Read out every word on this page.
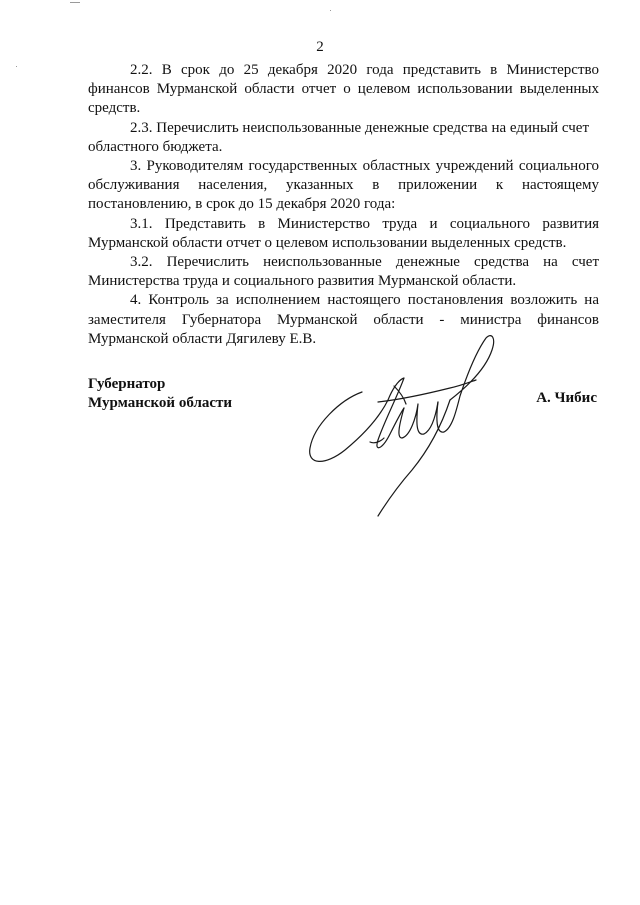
2

2.2. В срок до 25 декабря 2020 года представить в Министерство финансов Мурманской области отчет о целевом использовании выделенных средств.

2.3. Перечислить неиспользованные денежные средства на единый счет областного бюджета.

3. Руководителям государственных областных учреждений социального обслуживания населения, указанных в приложении к настоящему постановлению, в срок до 15 декабря 2020 года:

3.1. Представить в Министерство труда и социального развития Мурманской области отчет о целевом использовании выделенных средств.

3.2. Перечислить неиспользованные денежные средства на счет Министерства труда и социального развития Мурманской области.

4. Контроль за исполнением настоящего постановления возложить на заместителя Губернатора Мурманской области - министра финансов Мурманской области Дягилеву Е.В.

Губернатор
Мурманской области	А. Чибис
